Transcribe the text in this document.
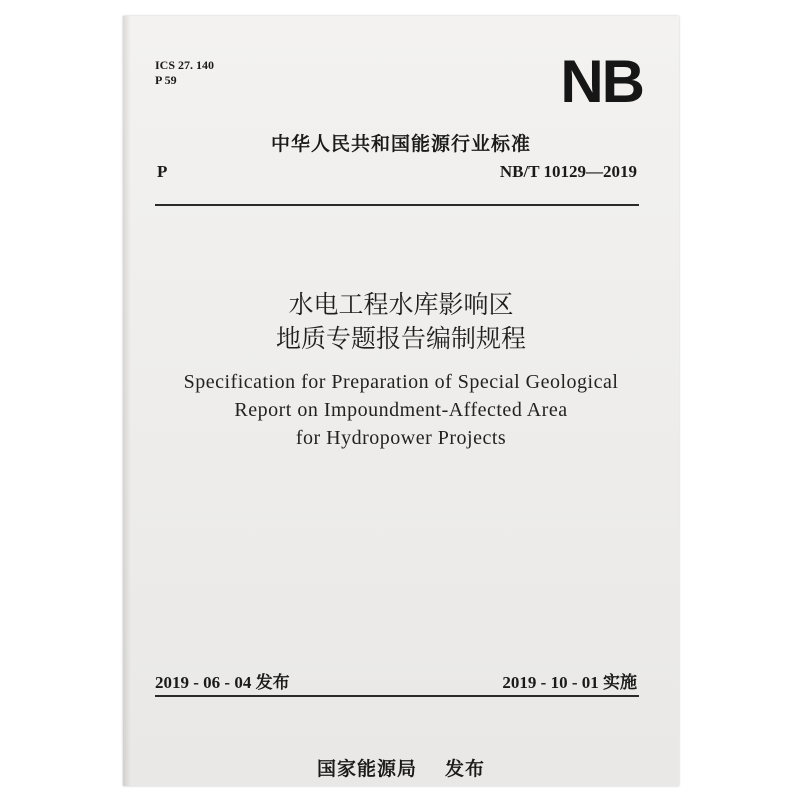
ICS 27. 140
P 59	NB
中华人民共和国能源行业标准
P	NB/T 10129—2019
水电工程水库影响区
地质专题报告编制规程
Specification for Preparation of Special Geological
Report on Impoundment-Affected Area
for Hydropower Projects
2019 - 06 - 04 发布	2019 - 10 - 01 实施
国家能源局 发布
